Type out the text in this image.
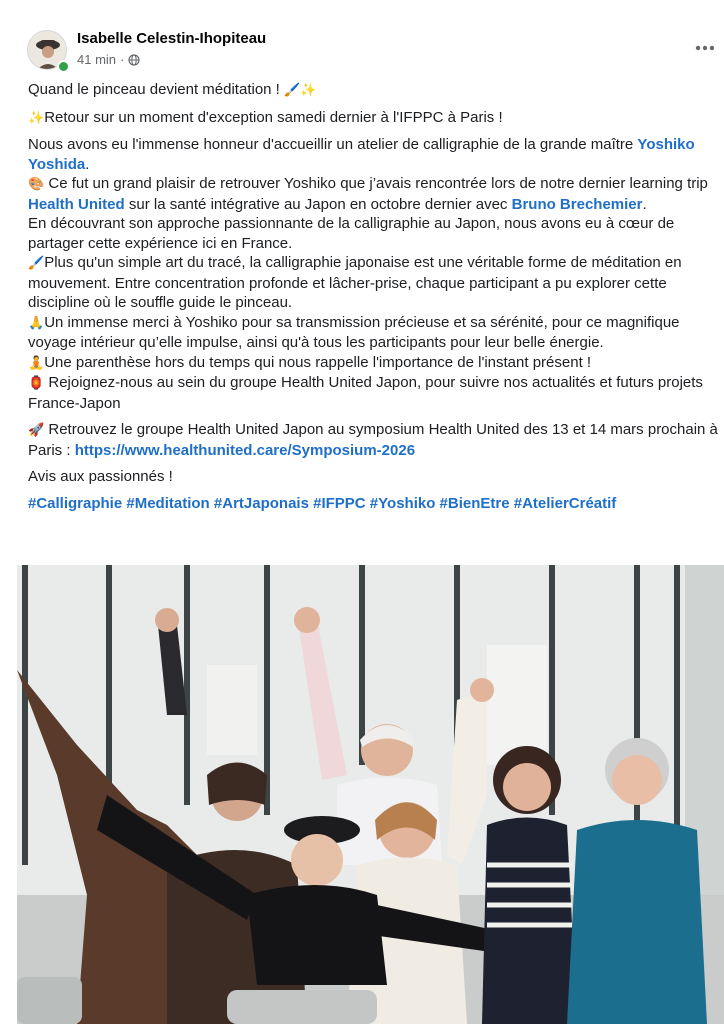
Isabelle Celestin-Ihopiteau
41 min ·

Quand le pinceau devient méditation ! 🖌️✨

✨Retour sur un moment d'exception samedi dernier à l'IFPPC à Paris !

Nous avons eu l'immense honneur d'accueillir un atelier de calligraphie de la grande maître Yoshiko Yoshida.
🎨 Ce fut un grand plaisir de retrouver Yoshiko que j’avais rencontrée lors de notre dernier learning trip Health United sur la santé intégrative au Japon en octobre dernier avec Bruno Brechemier.
En découvrant son approche passionnante de la calligraphie au Japon, nous avons eu à cœur de partager cette expérience ici en France.
🖌️Plus qu'un simple art du tracé, la calligraphie japonaise est une véritable forme de méditation en mouvement. Entre concentration profonde et lâcher-prise, chaque participant a pu explorer cette discipline où le souffle guide le pinceau.
🙏Un immense merci à Yoshiko pour sa transmission précieuse et sa sérénité, pour ce magnifique voyage intérieur qu’elle impulse, ainsi qu'à tous les participants pour leur belle énergie.
🧘Une parenthèse hors du temps qui nous rappelle l'importance de l'instant présent !
🏮 Rejoignez-nous au sein du groupe Health United Japon, pour suivre nos actualités et futurs projets France-Japon

🚀 Retrouvez le groupe Health United Japon au symposium Health United des 13 et 14 mars prochain à Paris : https://www.healthunited.care/Symposium-2026

Avis aux passionnés !

#Calligraphie #Meditation #ArtJaponais #IFPPC #Yoshiko #BienEtre #AtelierCréatif
